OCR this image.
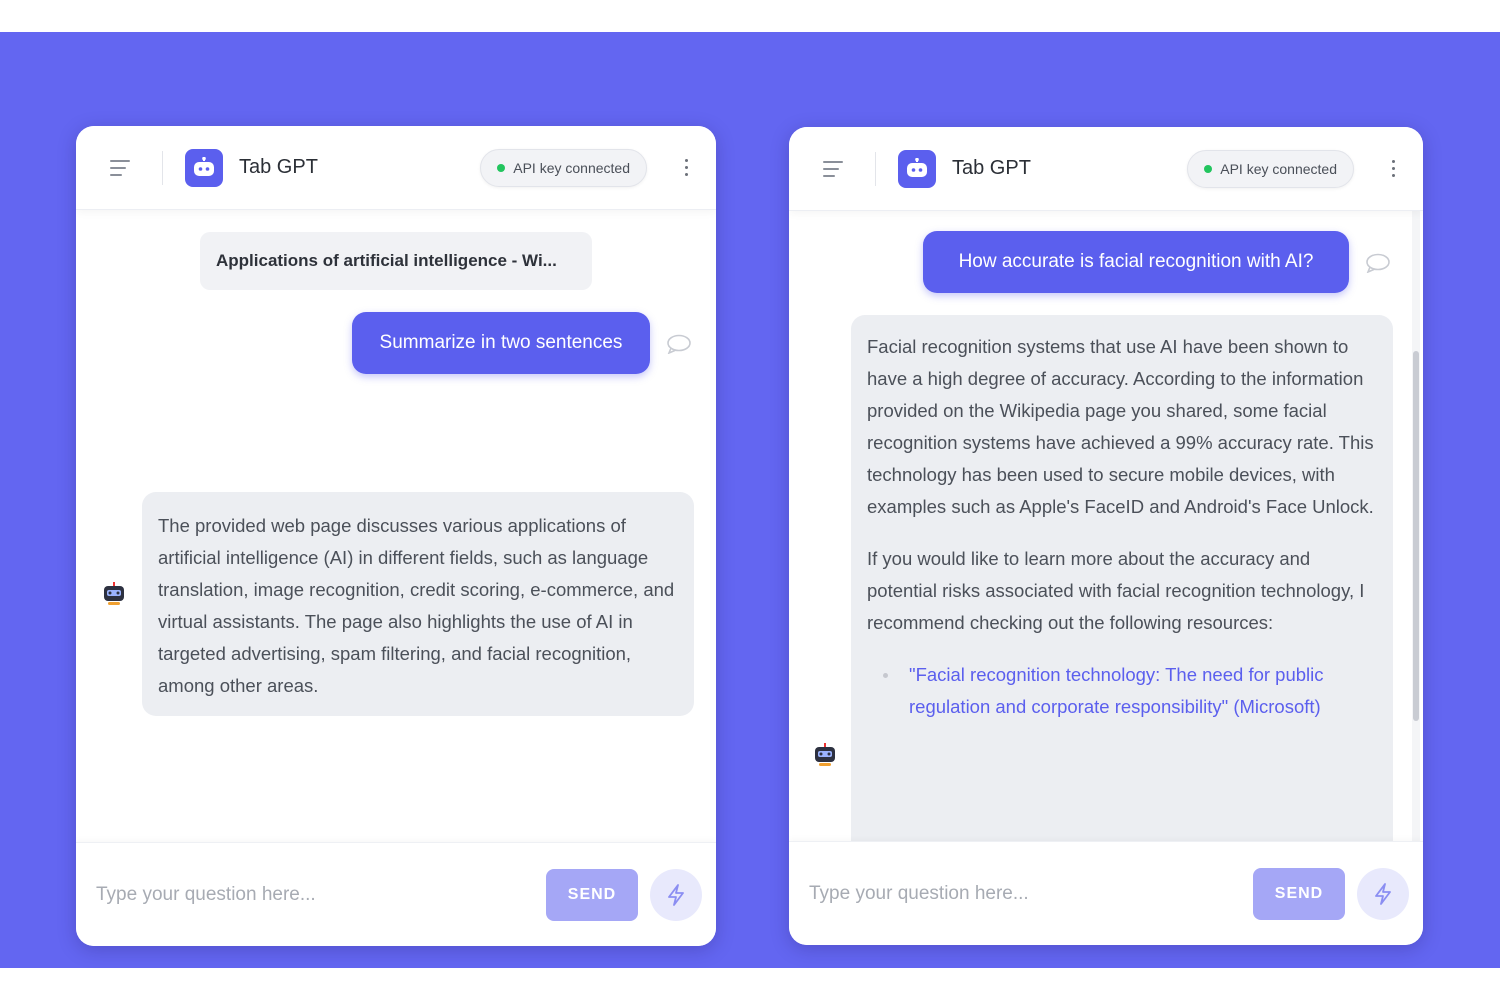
Tab GPT	API key connected
Applications of artificial intelligence - Wi...
Summarize in two sentences

The provided web page discusses various applications of artificial intelligence (AI) in different fields, such as language translation, image recognition, credit scoring, e-commerce, and virtual assistants. The page also highlights the use of AI in targeted advertising, spam filtering, and facial recognition, among other areas.

Type your question here...
SEND
Tab GPT	API key connected
How accurate is facial recognition with AI?

Facial recognition systems that use AI have been shown to have a high degree of accuracy. According to the information provided on the Wikipedia page you shared, some facial recognition systems have achieved a 99% accuracy rate. This technology has been used to secure mobile devices, with examples such as Apple's FaceID and Android's Face Unlock.

If you would like to learn more about the accuracy and potential risks associated with facial recognition technology, I recommend checking out the following resources:

"Facial recognition technology: The need for public regulation and corporate responsibility" (Microsoft)
Type your question here...
SEND
